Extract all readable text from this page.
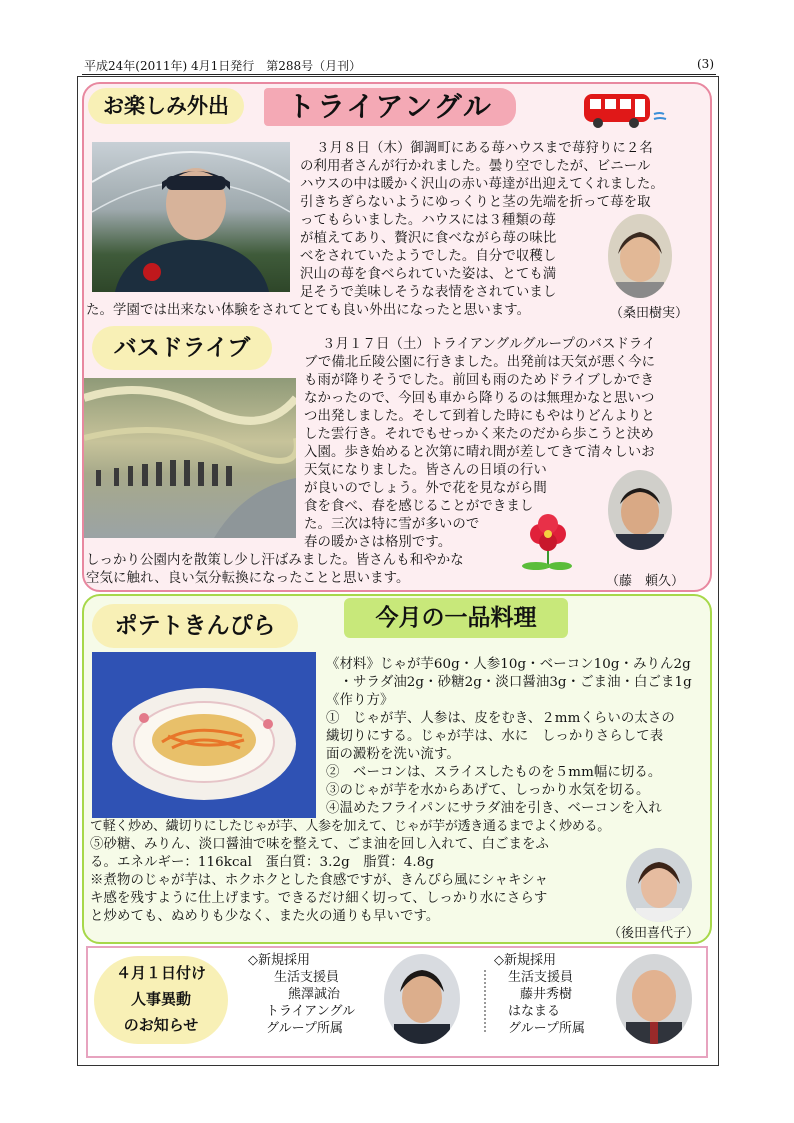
平成24年(2011年) 4月1日発行　第288号（月刊）	(3)
お楽しみ外出	トライアングル
３月８日（木）御調町にある苺ハウスまで苺狩りに２名
の利用者さんが行かれました。曇り空でしたが、ビニール
ハウスの中は暖かく沢山の赤い苺達が出迎えてくれました。
引きちぎらないようにゆっくりと茎の先端を折って苺を取
ってもらいました。ハウスには３種類の苺
が植えてあり、贅沢に食べながら苺の味比
べをされていたようでした。自分で収穫し
沢山の苺を食べられていた姿は、とても満
足そうで美味しそうな表情をされていまし
た。学園では出来ない体験をされてとても良い外出になったと思います。	（桑田樹実）
バスドライブ	３月１７日（土）トライアングルグループのバスドライ
ブで備北丘陵公園に行きました。出発前は天気が悪く今に
も雨が降りそうでした。前回も雨のためドライブしかでき
なかったので、今回も車から降りるのは無理かなと思いつ
つ出発しました。そして到着した時にもやはりどんよりと
した雲行き。それでもせっかく来たのだから歩こうと決め
入園。歩き始めると次第に晴れ間が差してきて清々しいお
天気になりました。皆さんの日頃の行い
が良いのでしょう。外で花を見ながら間
食を食べ、春を感じることができまし
た。三次は特に雪が多いので
春の暖かさは格別です。
しっかり公園内を散策し少し汗ばみました。皆さんも和やかな
空気に触れ、良い気分転換になったことと思います。	（藤　頼久）
ポテトきんぴら	今月の一品料理
《材料》じゃが芋60g・人参10g・ベーコン10g・みりん2g
　・サラダ油2g・砂糖2g・淡口醤油3g・ごま油・白ごま1g
《作り方》
①　じゃが芋、人参は、皮をむき、２mmくらいの太さの
繊切りにする。じゃが芋は、水に　しっかりさらして表
面の澱粉を洗い流す。
②　ベーコンは、スライスしたものを５mm幅に切る。
③のじゃが芋を水からあげて、しっかり水気を切る。
④温めたフライパンにサラダ油を引き、ベーコンを入れ
て軽く炒め、繊切りにしたじゃが芋、人参を加えて、じゃが芋が透き通るまでよく炒める。
⑤砂糖、みりん、淡口醤油で味を整えて、ごま油を回し入れて、白ごまをふ
る。エネルギー：116kcal　蛋白質：3.2g　脂質：4.8g
※煮物のじゃが芋は、ホクホクとした食感ですが、きんぴら風にシャキシャ
キ感を残すように仕上げます。できるだけ細く切って、しっかり水にさらす
と炒めても、ぬめりも少なく、また火の通りも早いです。
（後田喜代子）
４月１日付け
人事異動
のお知らせ
◇新規採用
生活支援員
熊澤誠治
トライアングル
グループ所属
◇新規採用
生活支援員
藤井秀樹
はなまる
グループ所属
